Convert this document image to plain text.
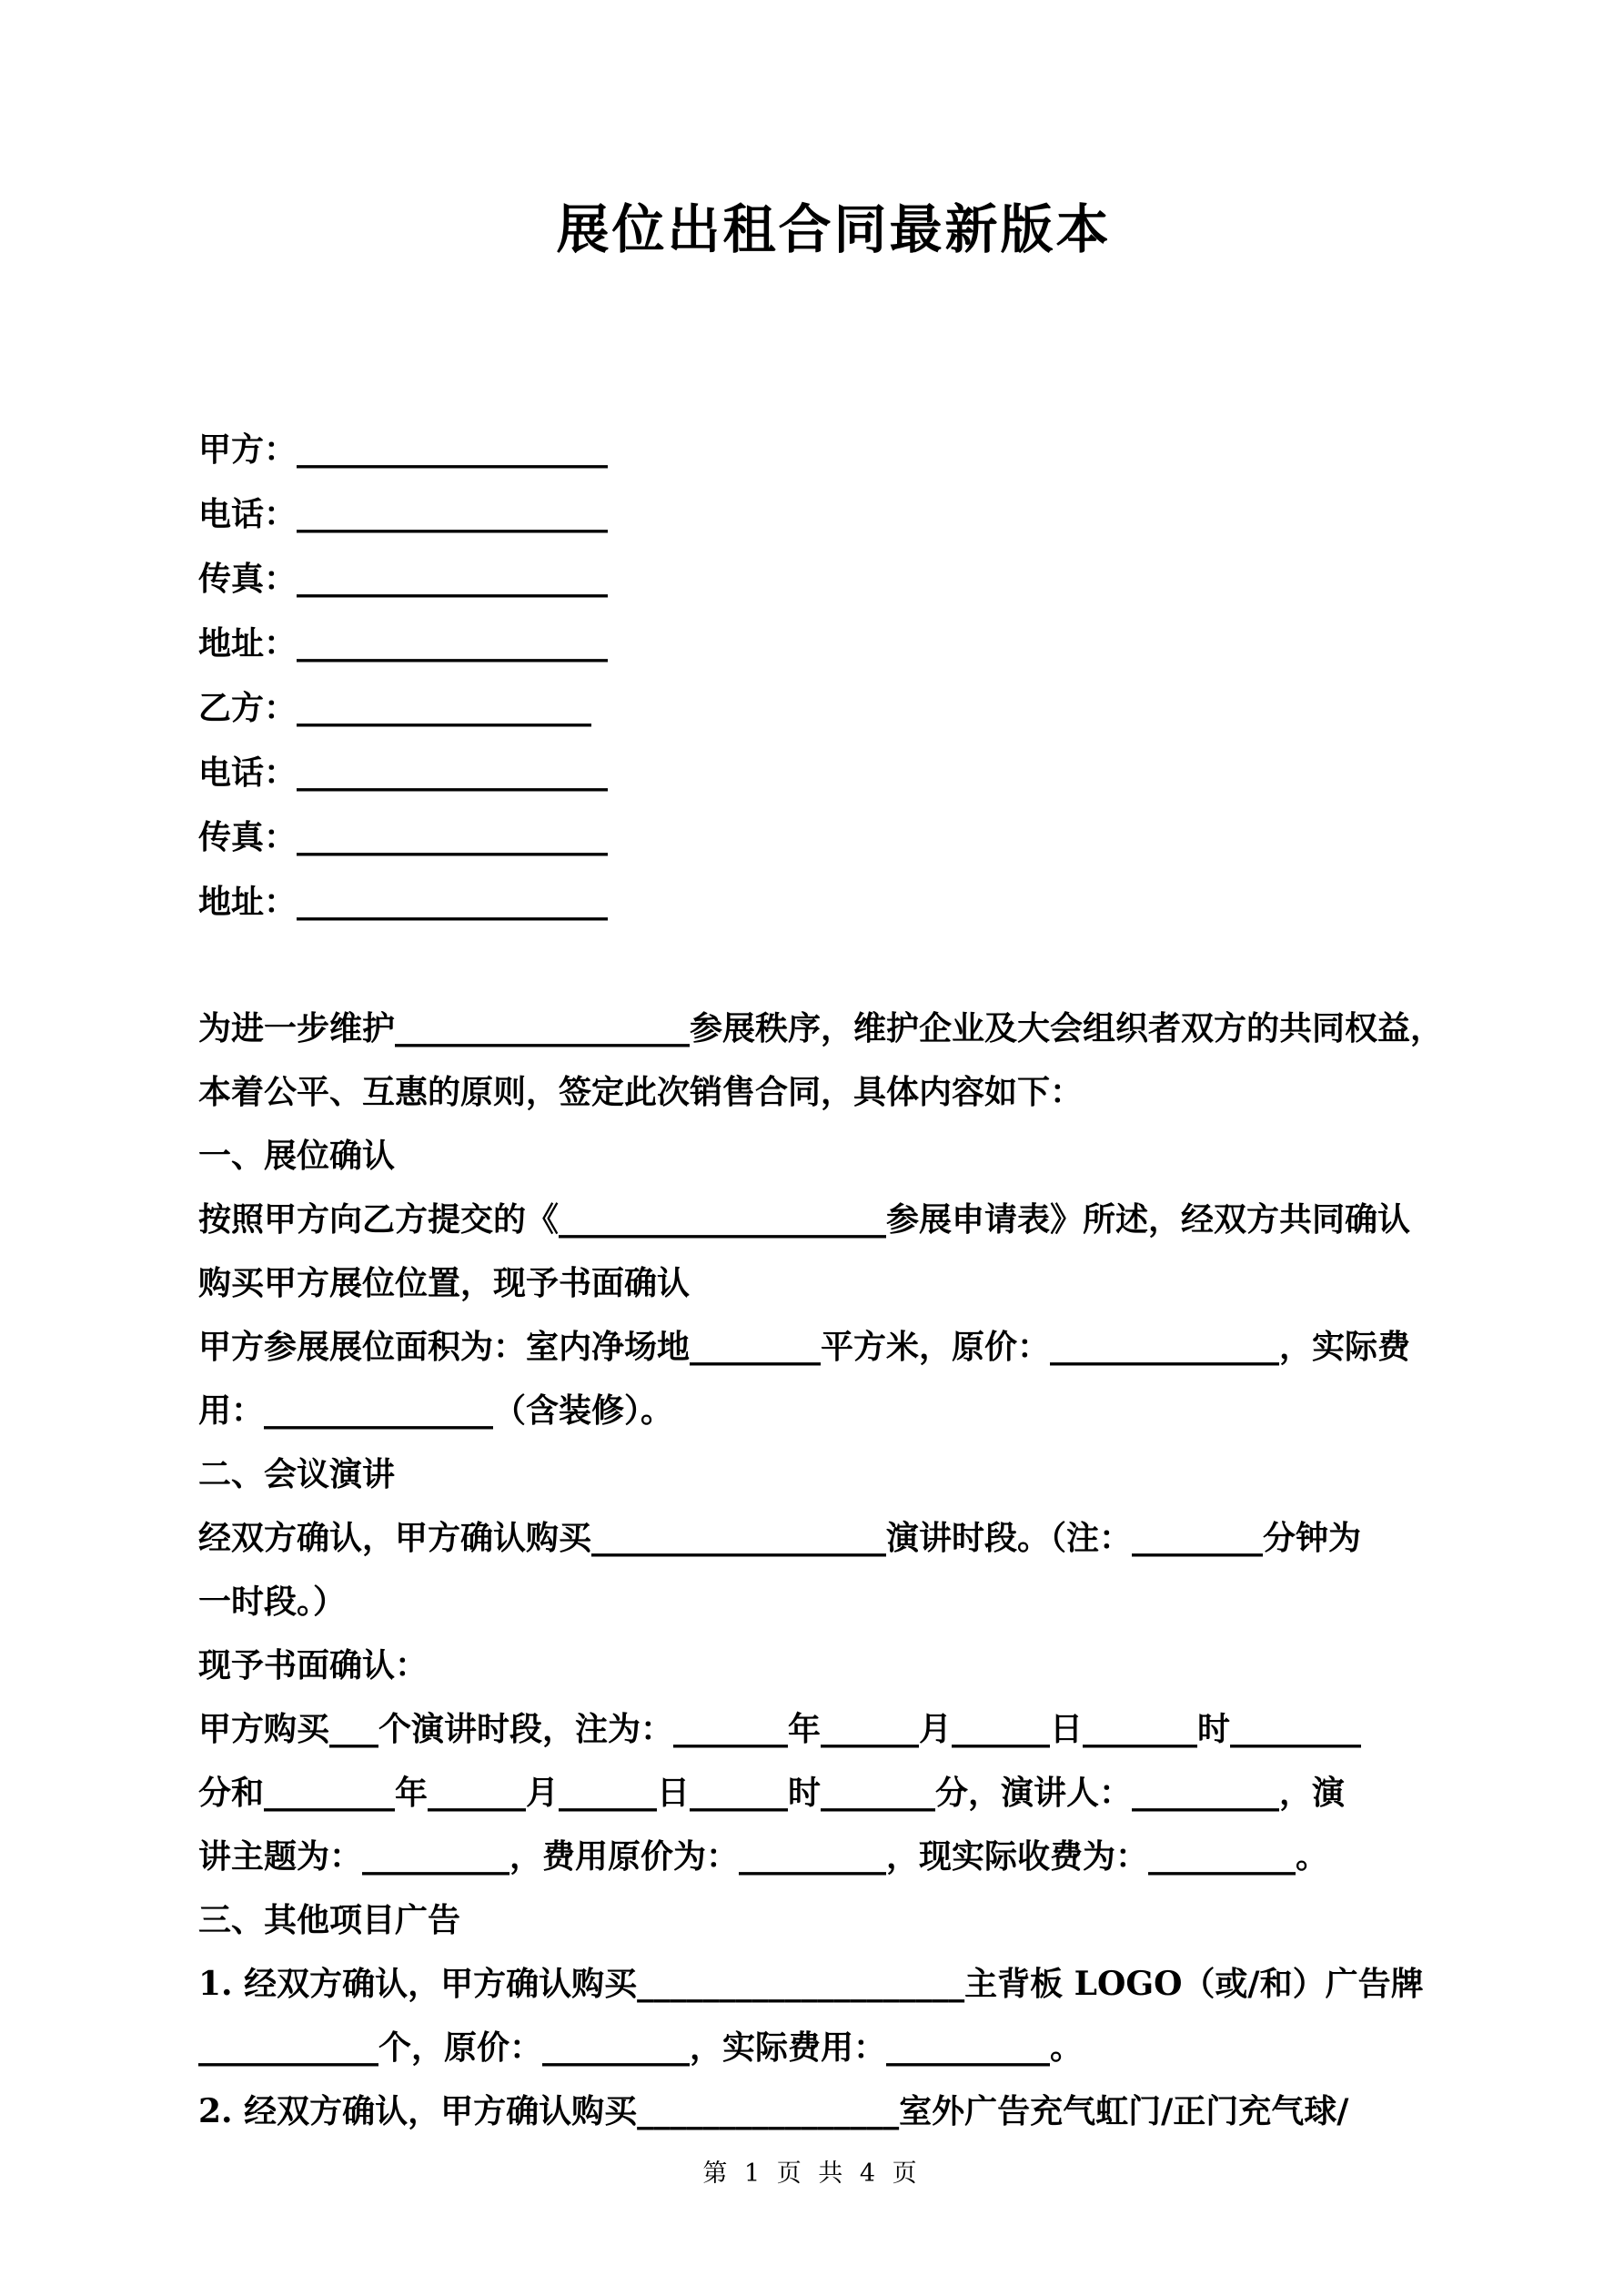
展位出租合同最新版本
甲方：___________________
电话：___________________
传真：___________________
地址：___________________
乙方：__________________
电话：___________________
传真：___________________
地址：___________________
为进一步维护__________________参展秩序，维护企业及大会组织者双方的共同权益，
本着公平、互惠的原则，签定此次销售合同，具体内容如下：
一、展位确认
按照甲方向乙方提交的《____________________参展申请表》所述，经双方共同确认
购买甲方展位位置，现予书面确认
甲方参展展位面积为：室内净场地________平方米，原价：______________，实际费
用：______________（含装修）。
二、会议演讲
经双方确认，甲方确认购买__________________演讲时段。（注：________分钟为
一时段。）
现予书面确认：
甲方购买___个演讲时段，注为：_______年______月______日_______时________
分和________年______月______日______时_______分，演讲人：_________，演
讲主题为：_________，费用原价为：_________，现实际收费为：_________。
三、其他项目广告
1. 经双方确认，甲方确认购买____________________主背板 LOGO（或/和）广告牌
___________个，原价：_________，实际费用：__________。
2. 经双方确认，甲方确认购买________________室外广告充气虹门/正门充气球/
第 1 页 共 4 页
